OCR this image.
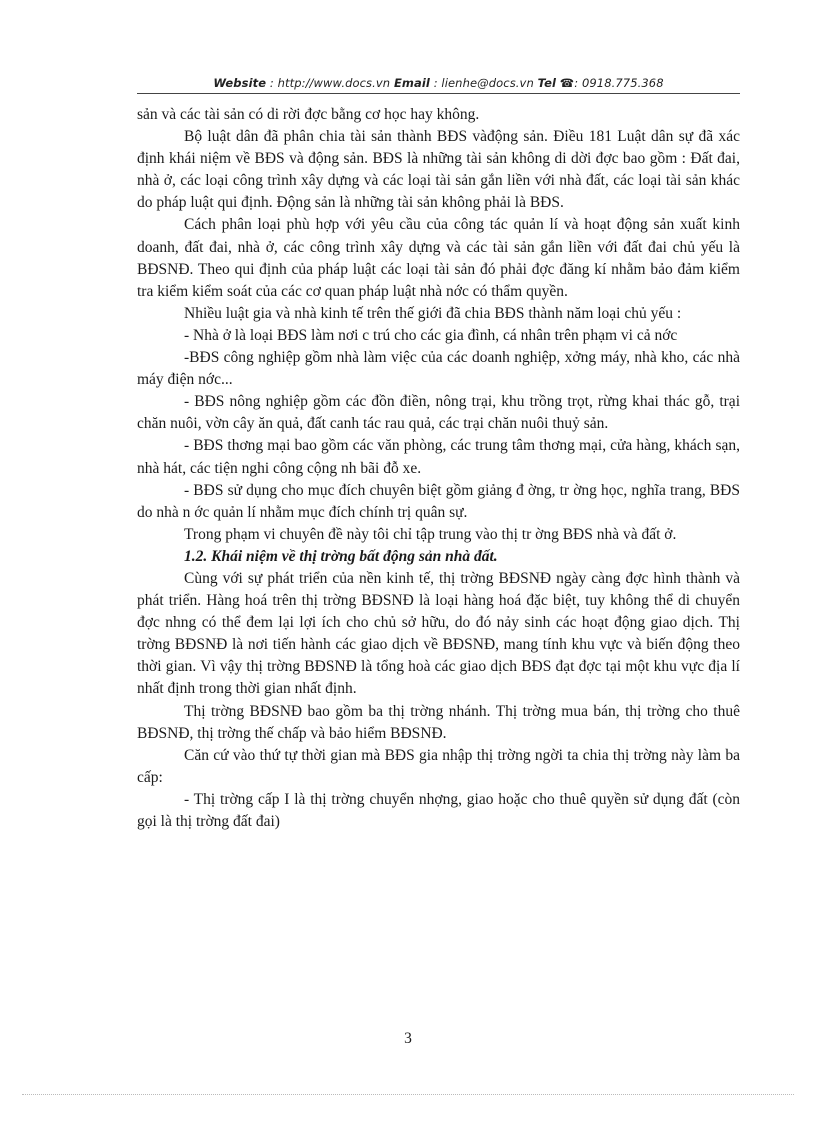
Website : http://www.docs.vn Email : lienhe@docs.vn Tel ☎: 0918.775.368

sản và các tài sản có di rời đợc bằng cơ học hay không.

Bộ luật dân đã phân chia tài sản thành BĐS vàđộng sản. Điều 181 Luật dân sự đã xác định khái niệm về BĐS và động sản. BĐS là những tài sản không di dời đợc bao gồm : Đất đai, nhà ở, các loại công trình xây dựng và các loại tài sản gắn liền với nhà đất, các loại tài sản khác do pháp luật qui định. Động sản là những tài sản không phải là BĐS.

Cách phân loại phù hợp với yêu cầu của công tác quản lí và hoạt động sản xuất kinh doanh, đất đai, nhà ở, các công trình xây dựng và các tài sản gắn liền với đất đai chủ yếu là BĐSNĐ. Theo qui định của pháp luật các loại tài sản đó phải đợc đăng kí nhằm bảo đảm kiểm tra kiểm kiểm soát của các cơ quan pháp luật nhà nớc có thẩm quyền.

Nhiều luật gia và nhà kinh tế trên thế giới đã chia BĐS thành năm loại chủ yếu :

- Nhà ở là loại BĐS làm nơi c trú cho các gia đình, cá nhân trên phạm vi cả nớc

-BĐS công nghiệp gồm nhà làm việc của các doanh nghiệp, xởng máy, nhà kho, các nhà máy điện nớc...

- BĐS nông nghiệp gồm các đồn điền, nông trại, khu trồng trọt, rừng khai thác gỗ, trại chăn nuôi, vờn cây ăn quả, đất canh tác rau quả, các trại chăn nuôi thuỷ sản.

- BĐS thơng mại bao gồm các văn phòng, các trung tâm thơng mại, cửa hàng, khách sạn, nhà hát, các tiện nghi công cộng nh bãi đỗ xe.

- BĐS sử dụng cho mục đích chuyên biệt gồm giảng đ ờng, tr ờng học, nghĩa trang, BĐS do nhà n ớc quản lí nhằm mục đích chính trị quân sự.

Trong phạm vi chuyên đề này tôi chỉ tập trung vào thị tr ờng BĐS nhà và đất ở.

1.2. Khái niệm về thị trờng bất động sản nhà đất.

Cùng với sự phát triển của nền kinh tế, thị trờng BĐSNĐ ngày càng đợc hình thành và phát triển. Hàng hoá trên thị trờng BĐSNĐ là loại hàng hoá đặc biệt, tuy không thể di chuyển đợc nhng có thể đem lại lợi ích cho chủ sở hữu, do đó nảy sinh các hoạt động giao dịch. Thị trờng BĐSNĐ là nơi tiến hành các giao dịch về BĐSNĐ, mang tính khu vực và biến động theo thời gian. Vì vậy thị trờng BĐSNĐ là tổng hoà các giao dịch BĐS đạt đợc tại một khu vực địa lí nhất định trong thời gian nhất định.

Thị trờng BĐSNĐ bao gồm ba thị trờng nhánh. Thị trờng mua bán, thị trờng cho thuê BĐSNĐ, thị trờng thế chấp và bảo hiểm BĐSNĐ.

Căn cứ vào thứ tự thời gian mà BĐS gia nhập thị trờng ngời ta chia thị trờng này làm ba cấp:

- Thị trờng cấp I là thị trờng chuyển nhợng, giao hoặc cho thuê quyền sử dụng đất (còn gọi là thị trờng đất đai)

3
